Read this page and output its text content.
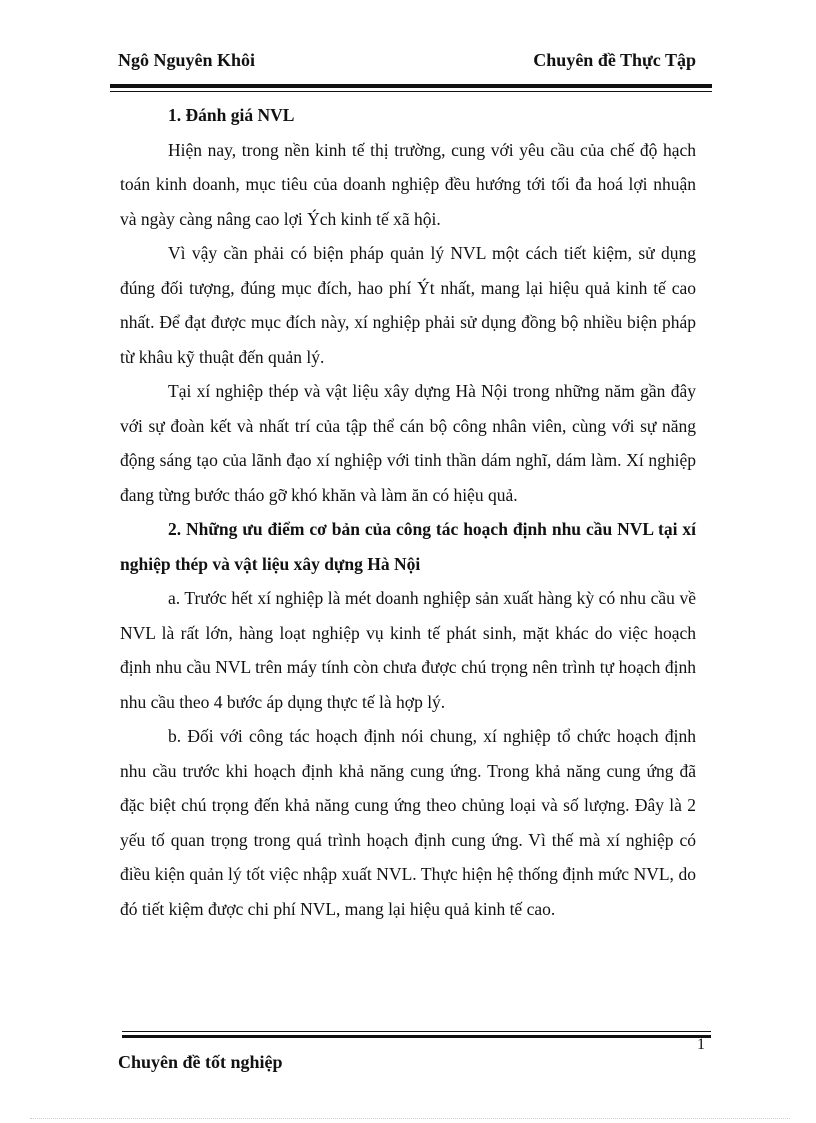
Ngô Nguyên Khôi	Chuyên đề Thực Tập

1. Đánh giá NVL

Hiện nay, trong nền kinh tế thị trường, cung với yêu cầu của chế độ hạch toán kinh doanh, mục tiêu của doanh nghiệp đều hướng tới tối đa hoá lợi nhuận và ngày càng nâng cao lợi Ých kinh tế xã hội.

Vì vậy cần phải có biện pháp quản lý NVL một cách tiết kiệm, sử dụng đúng đối tượng, đúng mục đích, hao phí Ýt nhất, mang lại hiệu quả kinh tế cao nhất. Để đạt được mục đích này, xí nghiệp phải sử dụng đồng bộ nhiều biện pháp từ khâu kỹ thuật đến quản lý.

Tại xí nghiệp thép và vật liệu xây dựng Hà Nội trong những năm gần đây với sự đoàn kết và nhất trí của tập thể cán bộ công nhân viên, cùng với sự năng động sáng tạo của lãnh đạo xí nghiệp với tinh thần dám nghĩ, dám làm. Xí nghiệp đang từng bước tháo gỡ khó khăn và làm ăn có hiệu quả.

2. Những ưu điểm cơ bản của công tác hoạch định nhu cầu NVL tại xí nghiệp thép và vật liệu xây dựng Hà Nội

a. Trước hết xí nghiệp là mét doanh nghiệp sản xuất hàng kỳ có nhu cầu về NVL là rất lớn, hàng loạt nghiệp vụ kinh tế phát sinh, mặt khác do việc hoạch định nhu cầu NVL trên máy tính còn chưa được chú trọng nên trình tự hoạch định nhu cầu theo 4 bước áp dụng thực tế là hợp lý.

b. Đối với công tác hoạch định nói chung, xí nghiệp tổ chức hoạch định nhu cầu trước khi hoạch định khả năng cung ứng. Trong khả năng cung ứng đã đặc biệt chú trọng đến khả năng cung ứng theo chủng loại và số lượng. Đây là 2 yếu tố quan trọng trong quá trình hoạch định cung ứng. Vì thế mà xí nghiệp có điều kiện quản lý tốt việc nhập xuất NVL. Thực hiện hệ thống định mức NVL, do đó tiết kiệm được chi phí NVL, mang lại hiệu quả kinh tế cao.

1
Chuyên đề tốt nghiệp
